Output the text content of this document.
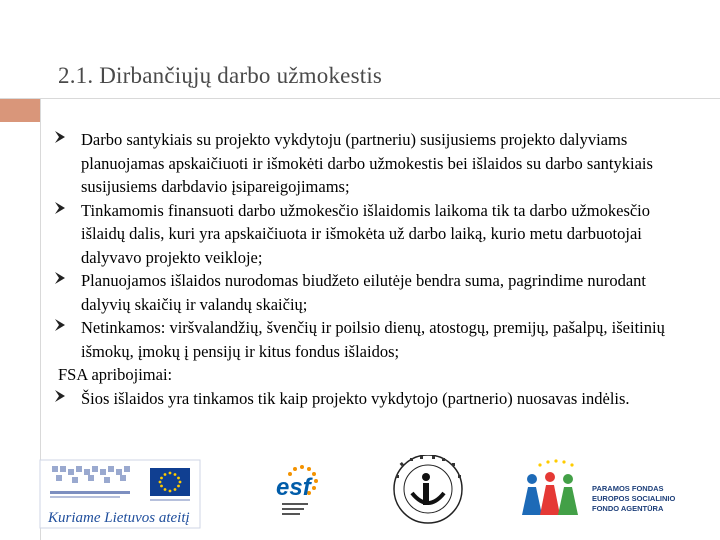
2.1. Dirbančiųjų darbo užmokestis

Darbo santykiais su projekto vykdytoju (partneriu) susijusiems projekto dalyviams planuojamas apskaičiuoti ir išmokėti darbo užmokestis bei išlaidos su darbo santykiais susijusiems darbdavio įsipareigojimams;

Tinkamomis finansuoti darbo užmokesčio išlaidomis laikoma tik ta darbo užmokesčio išlaidų dalis, kuri yra apskaičiuota ir išmokėta už darbo laiką, kurio metu darbuotojai dalyvavo projekto veikloje;

Planuojamos išlaidos nurodomas biudžeto eilutėje bendra suma, pagrindime nurodant dalyvių skaičių ir valandų skaičių;

Netinkamos: viršvalandžių, švenčių ir poilsio dienų, atostogų, premijų, pašalpų, išeitinių išmokų, įmokų į pensijų ir kitus fondus išlaidos;

FSA apribojimai:

Šios išlaidos yra tinkamos tik kaip projekto vykdytojo (partnerio) nuosavas indėlis.

Kuriame Lietuvos ateitį
esf	PARAMOS FONDAS
EUROPOS SOCIALINIO
FONDO AGENTŪRA
